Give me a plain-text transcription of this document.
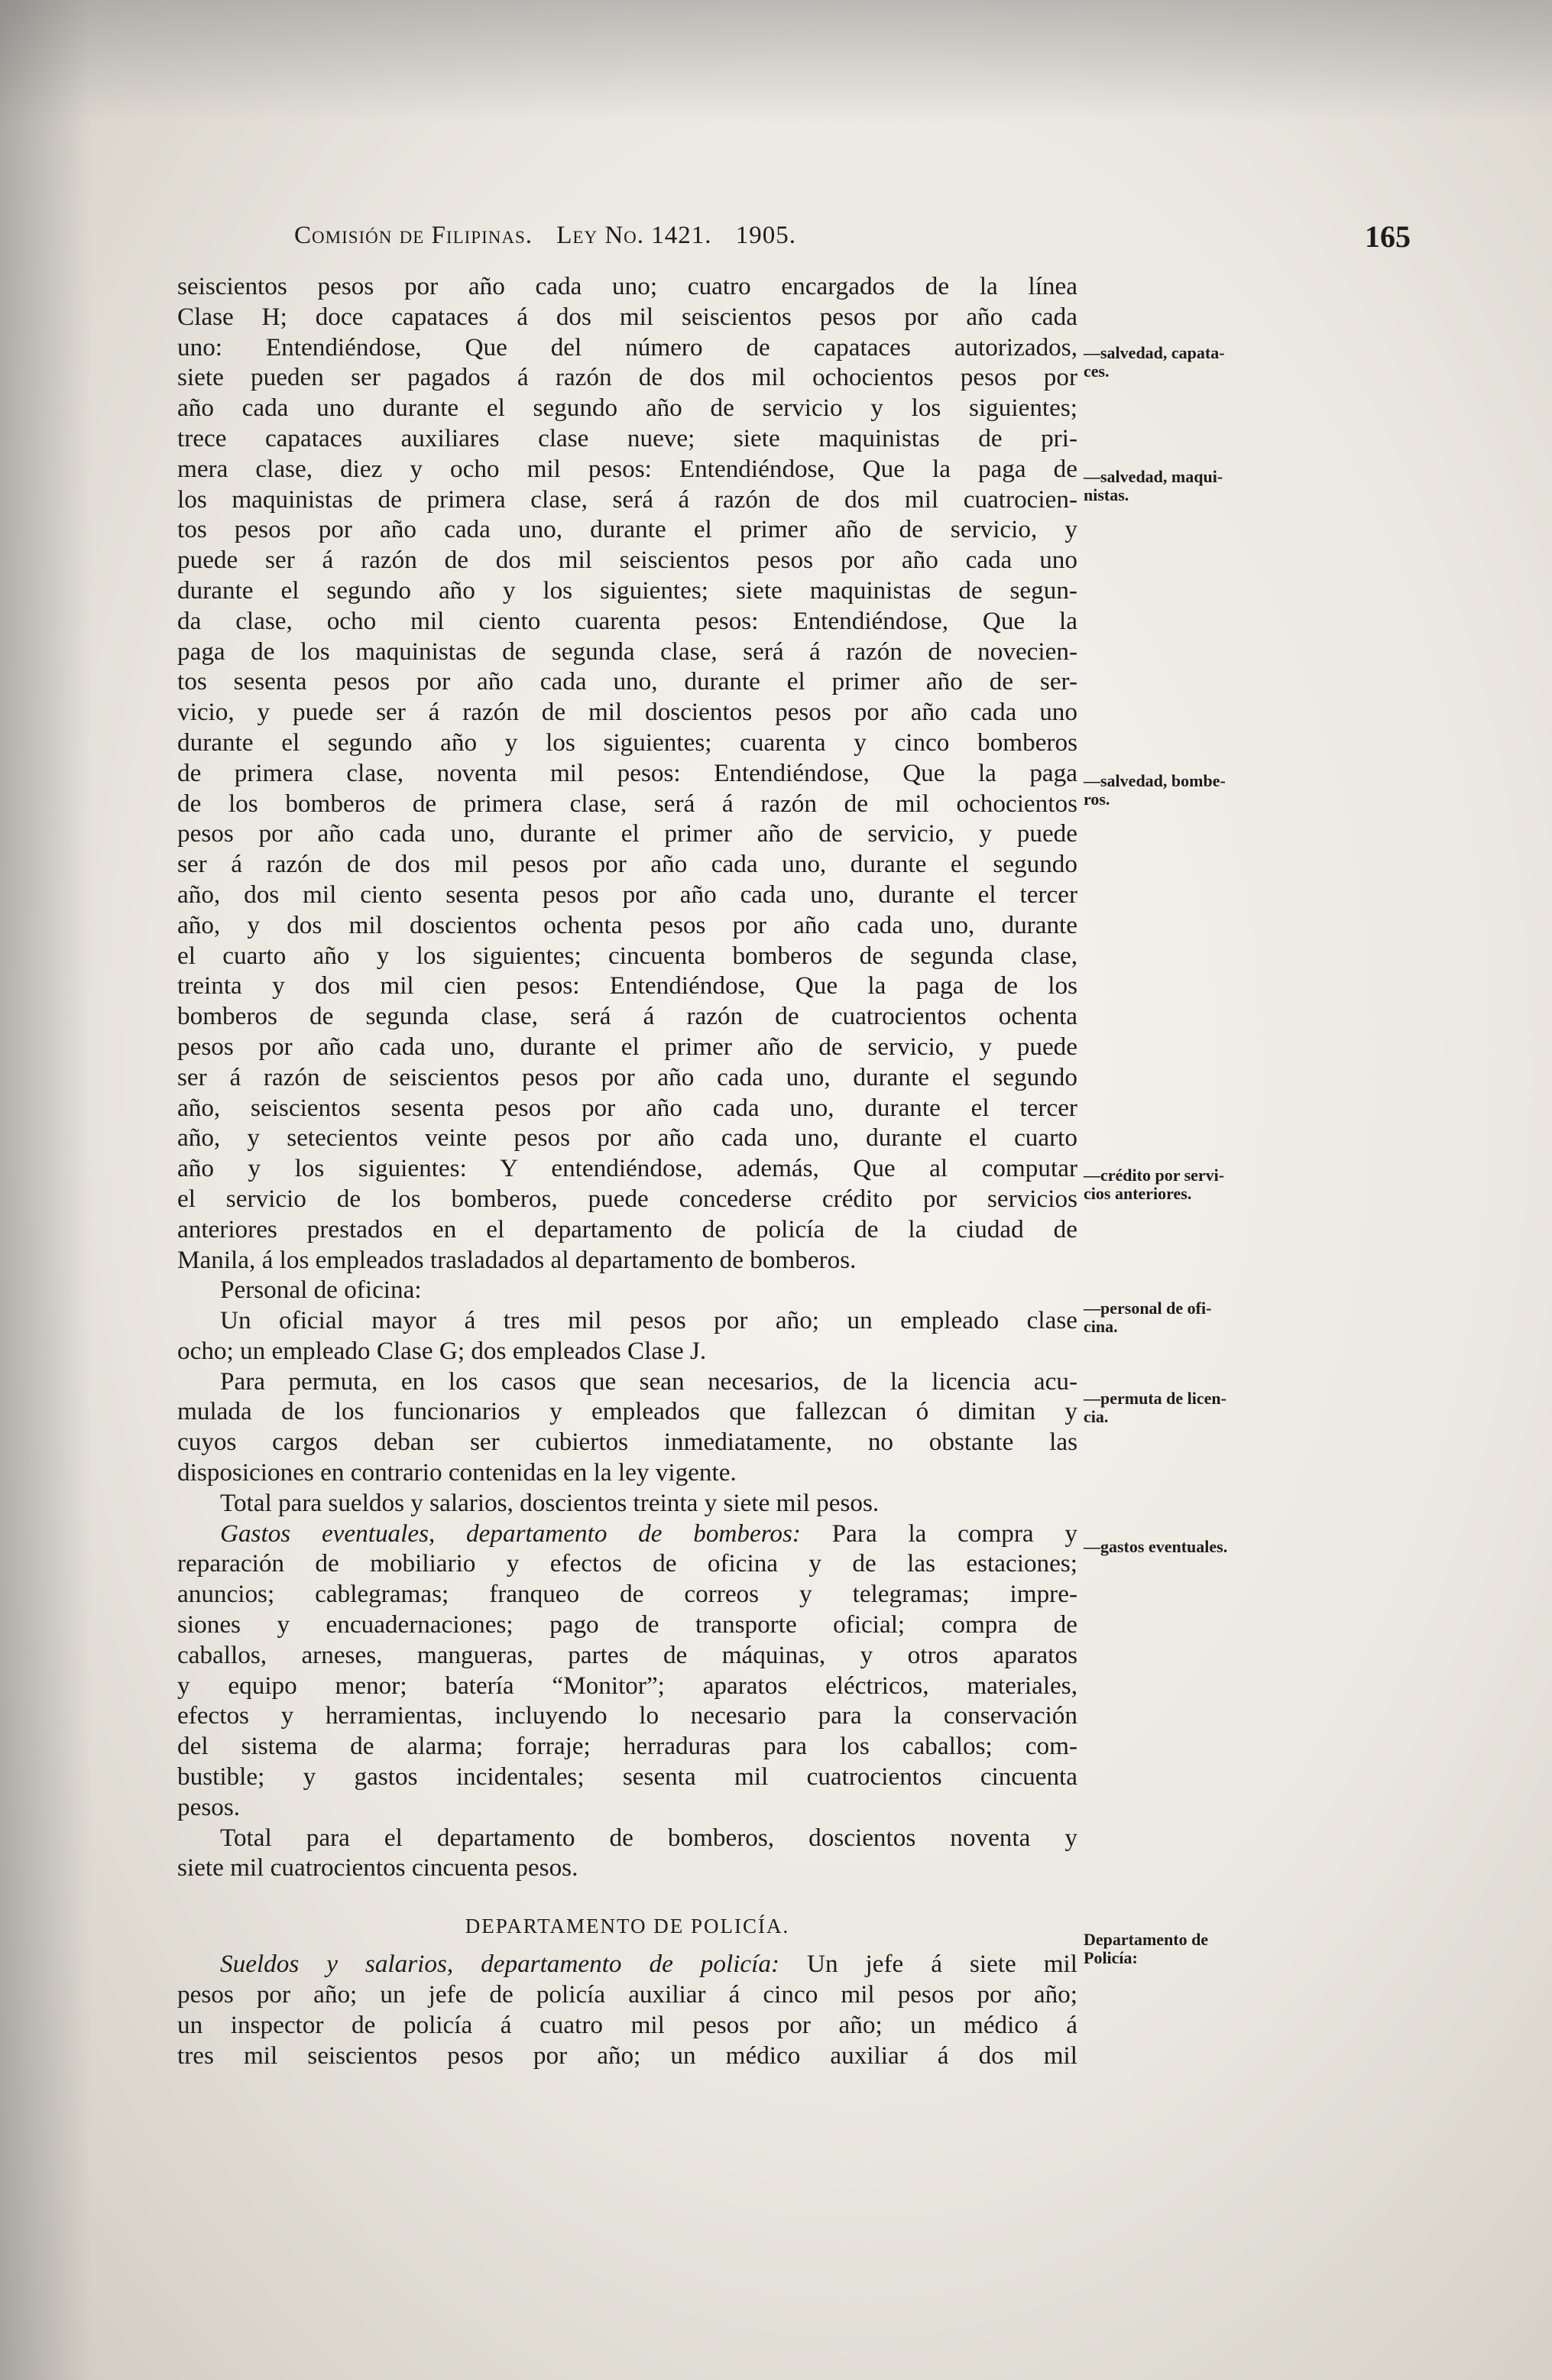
Comisión de Filipinas. Ley No. 1421. 1905.	165
seiscientos pesos por año cada uno; cuatro encargados de la línea
Clase H; doce capataces á dos mil seiscientos pesos por año cada
uno: Entendiéndose, Que del número de capataces autorizados,
siete pueden ser pagados á razón de dos mil ochocientos pesos por
año cada uno durante el segundo año de servicio y los siguientes;
trece capataces auxiliares clase nueve; siete maquinistas de pri-
mera clase, diez y ocho mil pesos: Entendiéndose, Que la paga de
los maquinistas de primera clase, será á razón de dos mil cuatrocien-
tos pesos por año cada uno, durante el primer año de servicio, y
puede ser á razón de dos mil seiscientos pesos por año cada uno
durante el segundo año y los siguientes; siete maquinistas de segun-
da clase, ocho mil ciento cuarenta pesos: Entendiéndose, Que la
paga de los maquinistas de segunda clase, será á razón de novecien-
tos sesenta pesos por año cada uno, durante el primer año de ser-
vicio, y puede ser á razón de mil doscientos pesos por año cada uno
durante el segundo año y los siguientes; cuarenta y cinco bomberos
de primera clase, noventa mil pesos: Entendiéndose, Que la paga
de los bomberos de primera clase, será á razón de mil ochocientos
pesos por año cada uno, durante el primer año de servicio, y puede
ser á razón de dos mil pesos por año cada uno, durante el segundo
año, dos mil ciento sesenta pesos por año cada uno, durante el tercer
año, y dos mil doscientos ochenta pesos por año cada uno, durante
el cuarto año y los siguientes; cincuenta bomberos de segunda clase,
treinta y dos mil cien pesos: Entendiéndose, Que la paga de los
bomberos de segunda clase, será á razón de cuatrocientos ochenta
pesos por año cada uno, durante el primer año de servicio, y puede
ser á razón de seiscientos pesos por año cada uno, durante el segundo
año, seiscientos sesenta pesos por año cada uno, durante el tercer
año, y setecientos veinte pesos por año cada uno, durante el cuarto
año y los siguientes: Y entendiéndose, además, Que al computar
el servicio de los bomberos, puede concederse crédito por servicios
anteriores prestados en el departamento de policía de la ciudad de
Manila, á los empleados trasladados al departamento de bomberos.
Personal de oficina:
Un oficial mayor á tres mil pesos por año; un empleado clase
ocho; un empleado Clase G; dos empleados Clase J.
Para permuta, en los casos que sean necesarios, de la licencia acu-
mulada de los funcionarios y empleados que fallezcan ó dimitan y
cuyos cargos deban ser cubiertos inmediatamente, no obstante las
disposiciones en contrario contenidas en la ley vigente.
Total para sueldos y salarios, doscientos treinta y siete mil pesos.
Gastos eventuales, departamento de bomberos: Para la compra y
reparación de mobiliario y efectos de oficina y de las estaciones;
anuncios; cablegramas; franqueo de correos y telegramas; impre-
siones y encuadernaciones; pago de transporte oficial; compra de
caballos, arneses, mangueras, partes de máquinas, y otros aparatos
y equipo menor; batería “Monitor”; aparatos eléctricos, materiales,
efectos y herramientas, incluyendo lo necesario para la conservación
del sistema de alarma; forraje; herraduras para los caballos; com-
bustible; y gastos incidentales; sesenta mil cuatrocientos cincuenta
pesos.
Total para el departamento de bomberos, doscientos noventa y
siete mil cuatrocientos cincuenta pesos.
DEPARTAMENTO DE POLICÍA.
Sueldos y salarios, departamento de policía: Un jefe á siete mil
pesos por año; un jefe de policía auxiliar á cinco mil pesos por año;
un inspector de policía á cuatro mil pesos por año; un médico á
tres mil seiscientos pesos por año; un médico auxiliar á dos mil
—salvedad, capata-
ces.
—salvedad, maqui-
nistas.
—salvedad, bombe-
ros.
—crédito por servi-
cios anteriores.
—personal de ofi-
cina.
—permuta de licen-
cia.
—gastos eventuales.
Departamento de
Policía:
